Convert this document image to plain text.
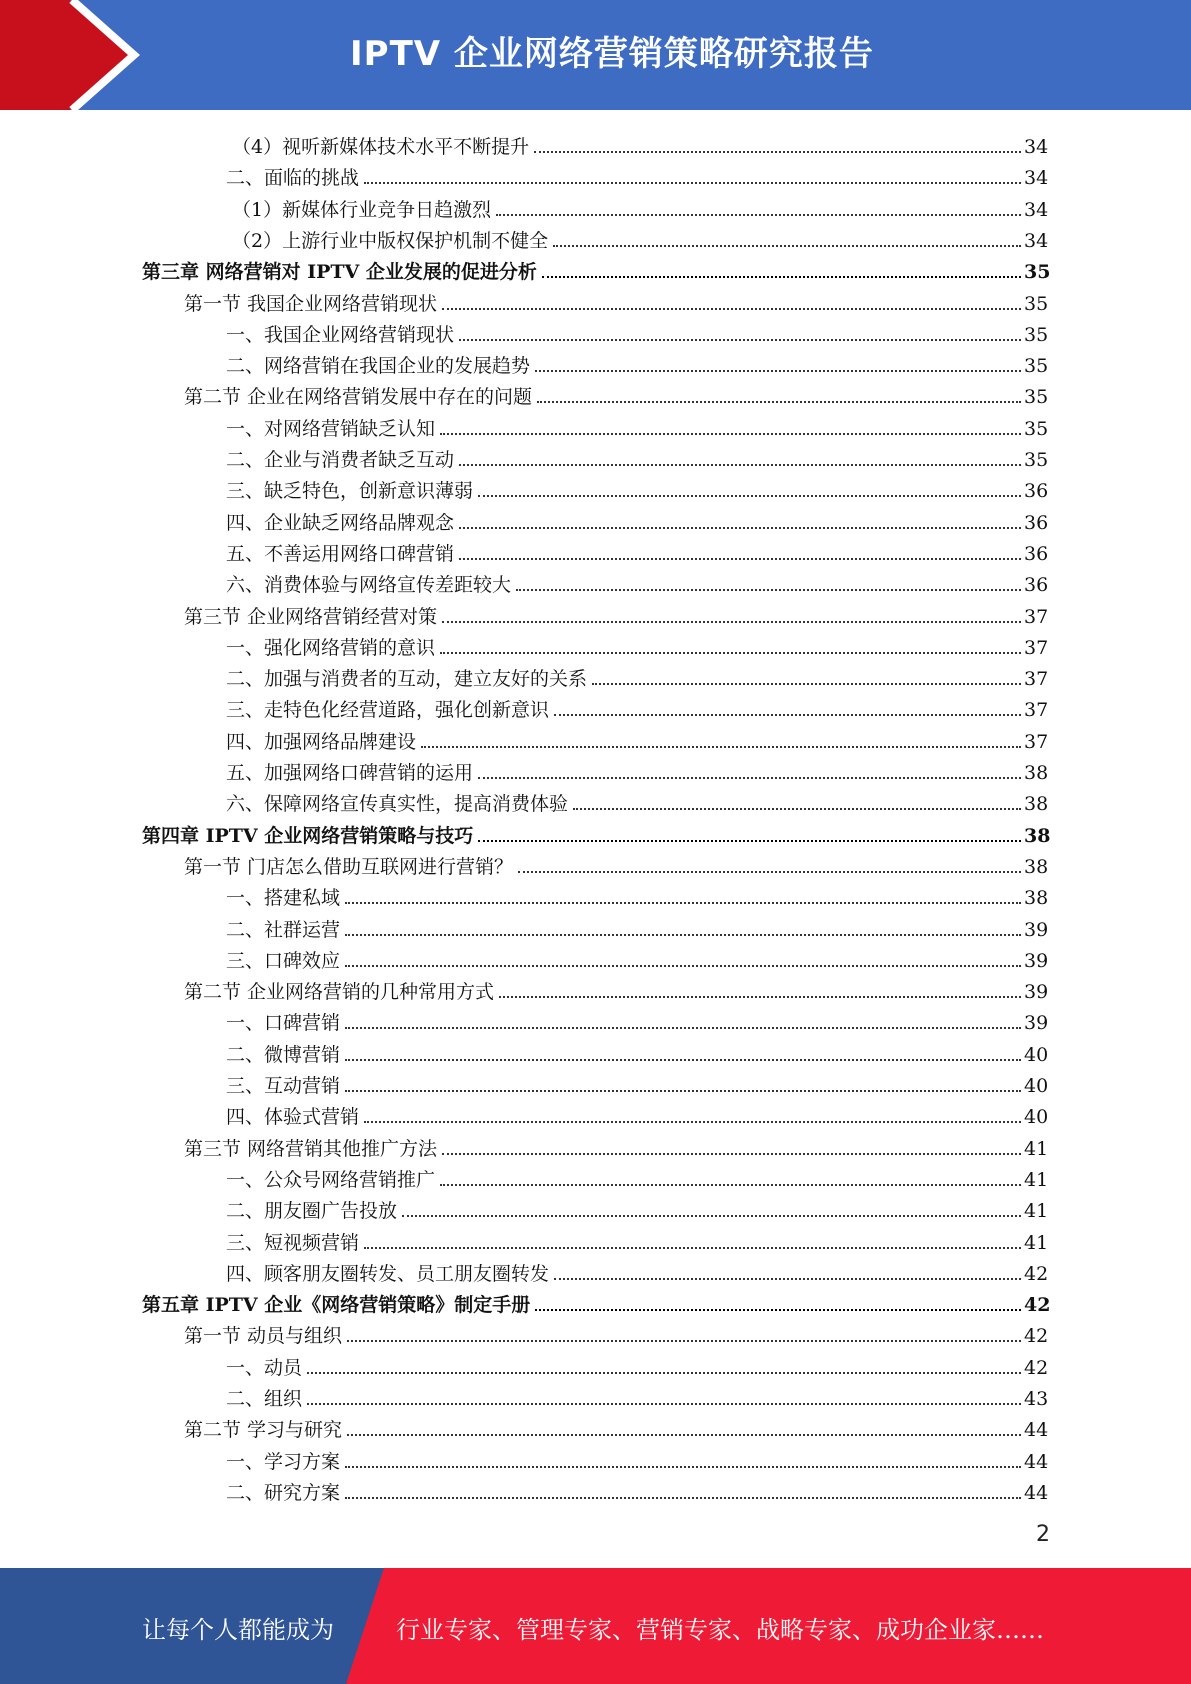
IPTV 企业网络营销策略研究报告
（4）视听新媒体技术水平不断提升	34
二、面临的挑战	34
（1）新媒体行业竞争日趋激烈	34
（2）上游行业中版权保护机制不健全	34
第三章 网络营销对 IPTV 企业发展的促进分析	35
第一节 我国企业网络营销现状	35
一、我国企业网络营销现状	35
二、网络营销在我国企业的发展趋势	35
第二节 企业在网络营销发展中存在的问题	35
一、对网络营销缺乏认知	35
二、企业与消费者缺乏互动	35
三、缺乏特色，创新意识薄弱	36
四、企业缺乏网络品牌观念	36
五、不善运用网络口碑营销	36
六、消费体验与网络宣传差距较大	36
第三节 企业网络营销经营对策	37
一、强化网络营销的意识	37
二、加强与消费者的互动，建立友好的关系	37
三、走特色化经营道路，强化创新意识	37
四、加强网络品牌建设	37
五、加强网络口碑营销的运用	38
六、保障网络宣传真实性，提高消费体验	38
第四章 IPTV 企业网络营销策略与技巧	38
第一节 门店怎么借助互联网进行营销？	38
一、搭建私域	38
二、社群运营	39
三、口碑效应	39
第二节 企业网络营销的几种常用方式	39
一、口碑营销	39
二、微博营销	40
三、互动营销	40
四、体验式营销	40
第三节 网络营销其他推广方法	41
一、公众号网络营销推广	41
二、朋友圈广告投放	41
三、短视频营销	41
四、顾客朋友圈转发、员工朋友圈转发	42
第五章 IPTV 企业《网络营销策略》制定手册	42
第一节 动员与组织	42
一、动员	42
二、组织	43
第二节 学习与研究	44
一、学习方案	44
二、研究方案	44
2
让每个人都能成为	行业专家、管理专家、营销专家、战略专家、成功企业家……
